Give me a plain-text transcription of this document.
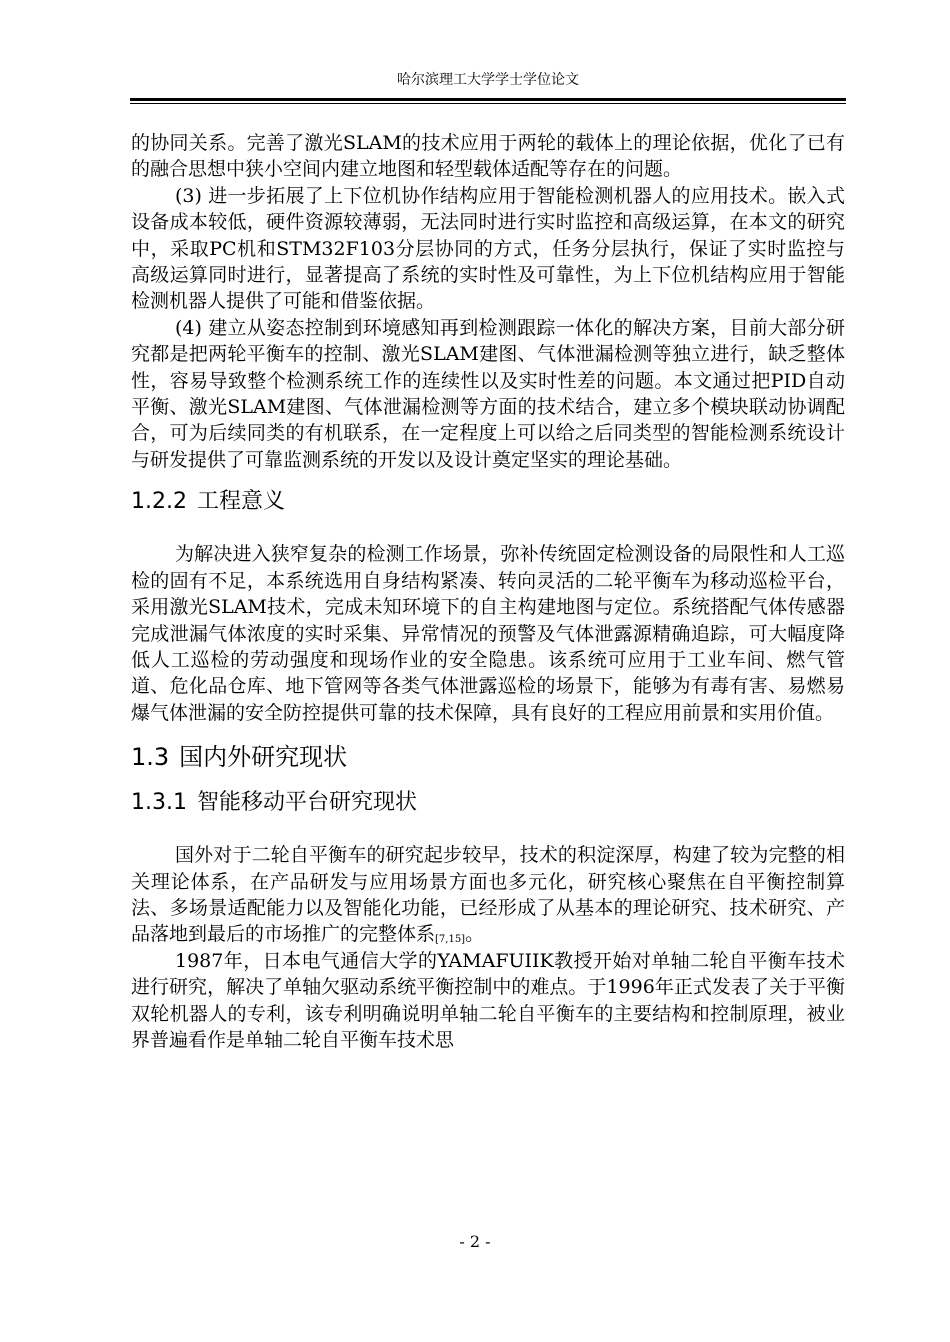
哈尔滨理工大学学士学位论文

的协同关系。完善了激光SLAM的技术应用于两轮的载体上的理论依据，优化了已有的融合思想中狭小空间内建立地图和轻型载体适配等存在的问题。

(3) 进一步拓展了上下位机协作结构应用于智能检测机器人的应用技术。嵌入式设备成本较低，硬件资源较薄弱，无法同时进行实时监控和高级运算，在本文的研究中，采取PC机和STM32F103分层协同的方式，任务分层执行，保证了实时监控与高级运算同时进行，显著提高了系统的实时性及可靠性，为上下位机结构应用于智能检测机器人提供了可能和借鉴依据。

(4) 建立从姿态控制到环境感知再到检测跟踪一体化的解决方案，目前大部分研究都是把两轮平衡车的控制、激光SLAM建图、气体泄漏检测等独立进行，缺乏整体性，容易导致整个检测系统工作的连续性以及实时性差的问题。本文通过把PID自动平衡、激光SLAM建图、气体泄漏检测等方面的技术结合，建立多个模块联动协调配合，可为后续同类的有机联系，在一定程度上可以给之后同类型的智能检测系统设计与研发提供了可靠监测系统的开发以及设计奠定坚实的理论基础。

1.2.2 工程意义

为解决进入狭窄复杂的检测工作场景，弥补传统固定检测设备的局限性和人工巡检的固有不足，本系统选用自身结构紧凑、转向灵活的二轮平衡车为移动巡检平台，采用激光SLAM技术，完成未知环境下的自主构建地图与定位。系统搭配气体传感器完成泄漏气体浓度的实时采集、异常情况的预警及气体泄露源精确追踪，可大幅度降低人工巡检的劳动强度和现场作业的安全隐患。该系统可应用于工业车间、燃气管道、危化品仓库、地下管网等各类气体泄露巡检的场景下，能够为有毒有害、易燃易爆气体泄漏的安全防控提供可靠的技术保障，具有良好的工程应用前景和实用价值。

1.3 国内外研究现状
1.3.1 智能移动平台研究现状

国外对于二轮自平衡车的研究起步较早，技术的积淀深厚，构建了较为完整的相关理论体系，在产品研发与应用场景方面也多元化，研究核心聚焦在自平衡控制算法、多场景适配能力以及智能化功能，已经形成了从基本的理论研究、技术研究、产品落地到最后的市场推广的完整体系[7,15]。

1987年，日本电气通信大学的YAMAFUIIK教授开始对单轴二轮自平衡车技术进行研究，解决了单轴欠驱动系统平衡控制中的难点。于1996年正式发表了关于平衡双轮机器人的专利，该专利明确说明单轴二轮自平衡车的主要结构和控制原理，被业界普遍看作是单轴二轮自平衡车技术思

- 2 -
